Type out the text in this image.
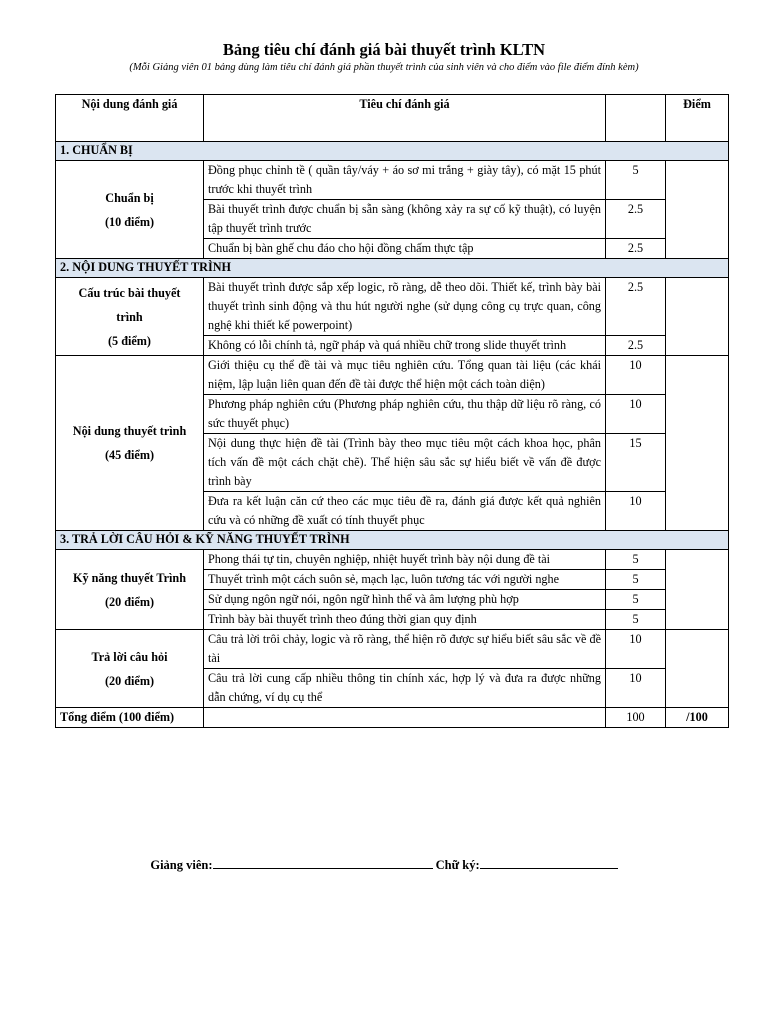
Bảng tiêu chí đánh giá bài thuyết trình KLTN
(Mỗi Giảng viên 01 bảng dùng làm tiêu chí đánh giá phần thuyết trình của sinh viên và cho điểm vào file điểm đính kèm)
Nội dung đánh giá	Tiêu chí đánh giá		Điểm
1. CHUẨN BỊ			

Chuẩn bị
(10 điểm)	Đồng phục chỉnh tề ( quần tây/váy + áo sơ mi trắng + giày tây), có mặt 15 phút trước khi thuyết trình	5	
	Bài thuyết trình được chuẩn bị sẵn sàng (không xảy ra sự cố kỹ thuật), có luyện tập thuyết trình trước	2.5	
	Chuẩn bị bàn ghế chu đáo cho hội đồng chấm thực tập	2.5	
2. NỘI DUNG THUYẾT TRÌNH			

Cấu trúc bài thuyết
trình
(5 điểm)	Bài thuyết trình được sắp xếp logic, rõ ràng, dễ theo dõi. Thiết kế, trình bày bài thuyết trình sinh động và thu hút người nghe (sử dụng công cụ trực quan, công nghệ khi thiết kế powerpoint)	2.5	
	Không có lỗi chính tả, ngữ pháp và quá nhiều chữ trong slide thuyết trình	2.5	

Nội dung thuyết trình
(45 điểm)	Giới thiệu cụ thể đề tài và mục tiêu nghiên cứu. Tổng quan tài liệu (các khái niệm, lập luận liên quan đến đề tài được thể hiện một cách toàn diện)	10	
	Phương pháp nghiên cứu (Phương pháp nghiên cứu, thu thập dữ liệu rõ ràng, có sức thuyết phục)	10	
	Nội dung thực hiện đề tài (Trình bày theo mục tiêu một cách khoa học, phân tích vấn đề một cách chặt chẽ). Thể hiện sâu sắc sự hiểu biết về vấn đề được trình bày	15	
	Đưa ra kết luận căn cứ theo các mục tiêu đề ra, đánh giá được kết quả nghiên cứu và có những đề xuất có tính thuyết phục	10	
3. TRẢ LỜI CÂU HỎI & KỸ NĂNG THUYẾT TRÌNH			

Kỹ năng thuyết Trình
(20 điểm)	Phong thái tự tin, chuyên nghiệp, nhiệt huyết trình bày nội dung đề tài	5	
	Thuyết trình một cách suôn sẻ, mạch lạc, luôn tương tác với người nghe	5	
	Sử dụng ngôn ngữ nói, ngôn ngữ hình thể và âm lượng phù hợp	5	
	Trình bày bài thuyết trình theo đúng thời gian quy định	5	

Trả lời câu hỏi
(20 điểm)	Câu trả lời trôi chảy, logic và rõ ràng, thể hiện rõ được sự hiểu biết sâu sắc về đề tài	10	
	Câu trả lời cung cấp nhiều thông tin chính xác, hợp lý và đưa ra được những dẫn chứng, ví dụ cụ thể	10	
Tổng điểm (100 điểm)		100	/100
Giảng viên:	Chữ ký:
